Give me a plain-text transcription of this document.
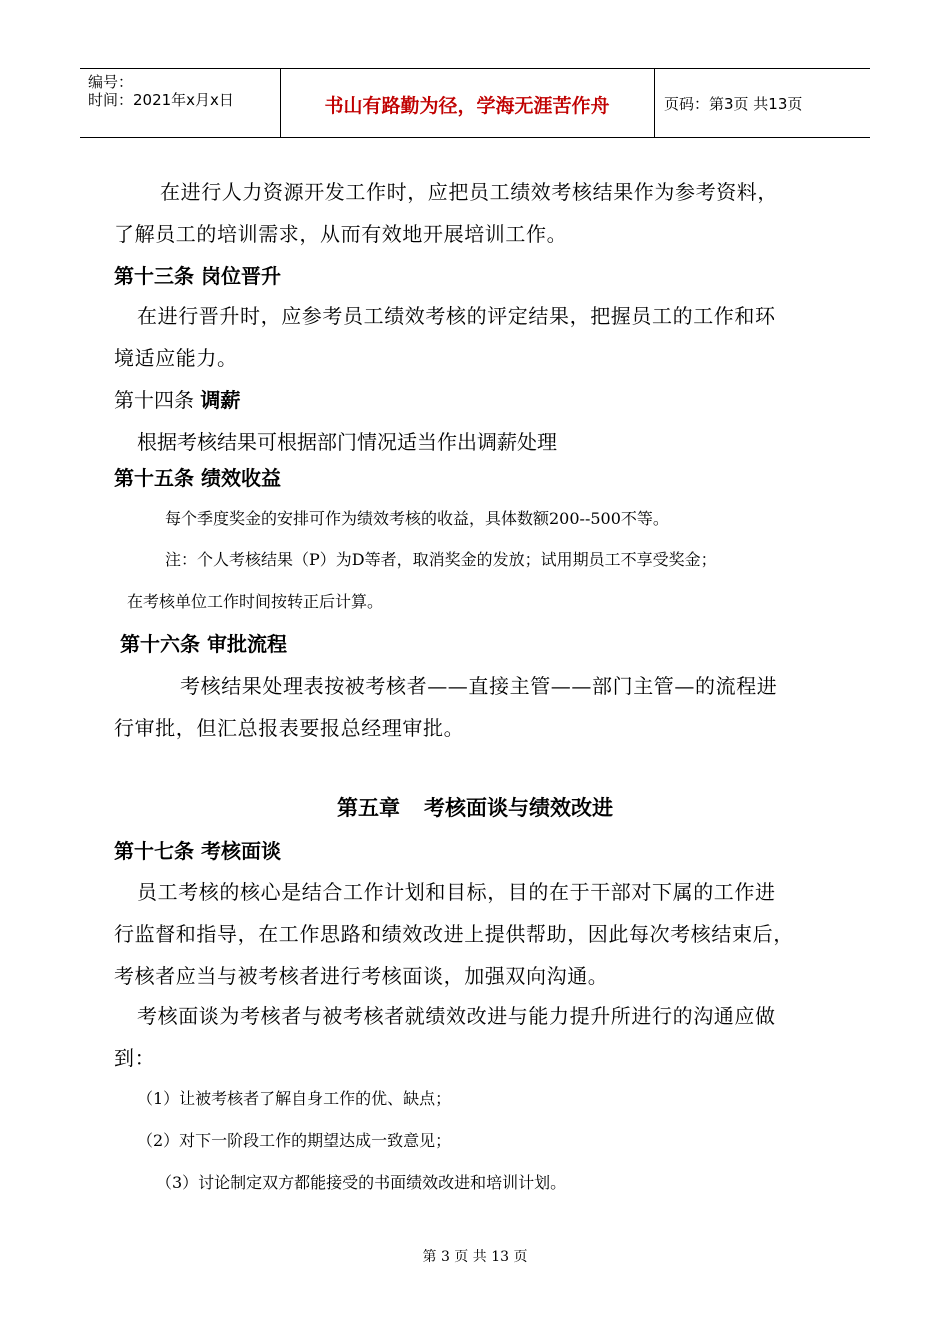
编号：
时间：2021年x月x日	书山有路勤为径，学海无涯苦作舟	页码：第3页 共13页
在进行人力资源开发工作时，应把员工绩效考核结果作为参考资料，
了解员工的培训需求，从而有效地开展培训工作。
第十三条 岗位晋升
在进行晋升时，应参考员工绩效考核的评定结果，把握员工的工作和环
境适应能力。
第十四条 调薪
根据考核结果可根据部门情况适当作出调薪处理
第十五条 绩效收益
每个季度奖金的安排可作为绩效考核的收益，具体数额200--500不等。
注：个人考核结果（P）为D等者，取消奖金的发放；试用期员工不享受奖金；
在考核单位工作时间按转正后计算。
第十六条 审批流程
考核结果处理表按被考核者——直接主管——部门主管—的流程进
行审批，但汇总报表要报总经理审批。
第五章 考核面谈与绩效改进
第十七条 考核面谈
员工考核的核心是结合工作计划和目标，目的在于干部对下属的工作进
行监督和指导，在工作思路和绩效改进上提供帮助，因此每次考核结束后，
考核者应当与被考核者进行考核面谈，加强双向沟通。
考核面谈为考核者与被考核者就绩效改进与能力提升所进行的沟通应做
到：
（1）让被考核者了解自身工作的优、缺点；
（2）对下一阶段工作的期望达成一致意见；
（3）讨论制定双方都能接受的书面绩效改进和培训计划。
第 3 页 共 13 页
